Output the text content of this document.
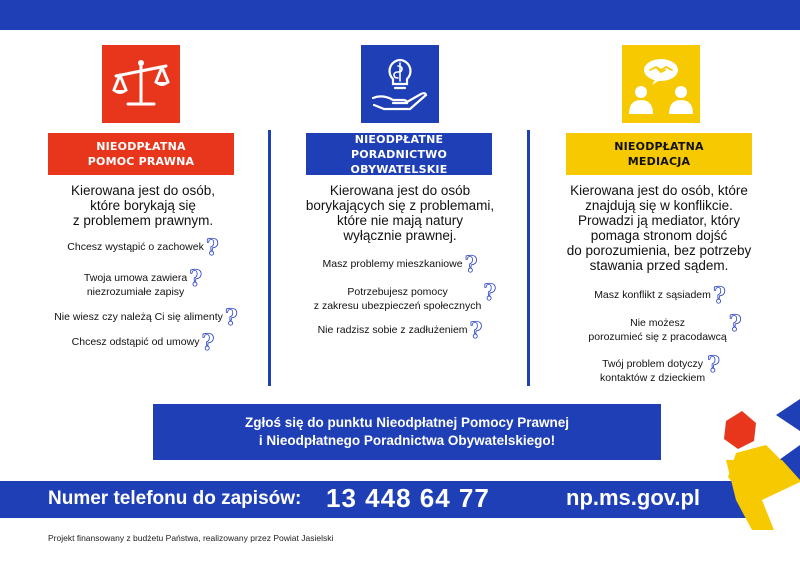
NIEODPŁATNA
POMOC PRAWNA
Kierowana jest do osób,
które borykają się
z problemem prawnym.
Chcesz wystąpić o zachowek ?
Twoja umowa zawiera
niezrozumiałe zapisy ?
Nie wiesz czy należą Ci się alimenty ?
Chcesz odstąpić od umowy ?
NIEODPŁATNE
PORADNICTWO OBYWATELSKIE
Kierowana jest do osób
borykających się z problemami,
które nie mają natury
wyłącznie prawnej.
Masz problemy mieszkaniowe ?
Potrzebujesz pomocy
z zakresu ubezpieczeń społecznych ?
Nie radzisz sobie z zadłużeniem ?
NIEODPŁATNA
MEDIACJA
Kierowana jest do osób, które
znajdują się w konflikcie.
Prowadzi ją mediator, który
pomaga stronom dojść
do porozumienia, bez potrzeby
stawania przed sądem.
Masz konflikt z sąsiadem ?
Nie możesz
porozumieć się z pracodawcą ?
Twój problem dotyczy
kontaktów z dzieckiem ?
Zgłoś się do punktu Nieodpłatnej Pomocy Prawnej
i Nieodpłatnego Poradnictwa Obywatelskiego!
Numer telefonu do zapisów: 13 448 64 77	np.ms.gov.pl
Projekt finansowany z budżetu Państwa, realizowany przez Powiat Jasielski
